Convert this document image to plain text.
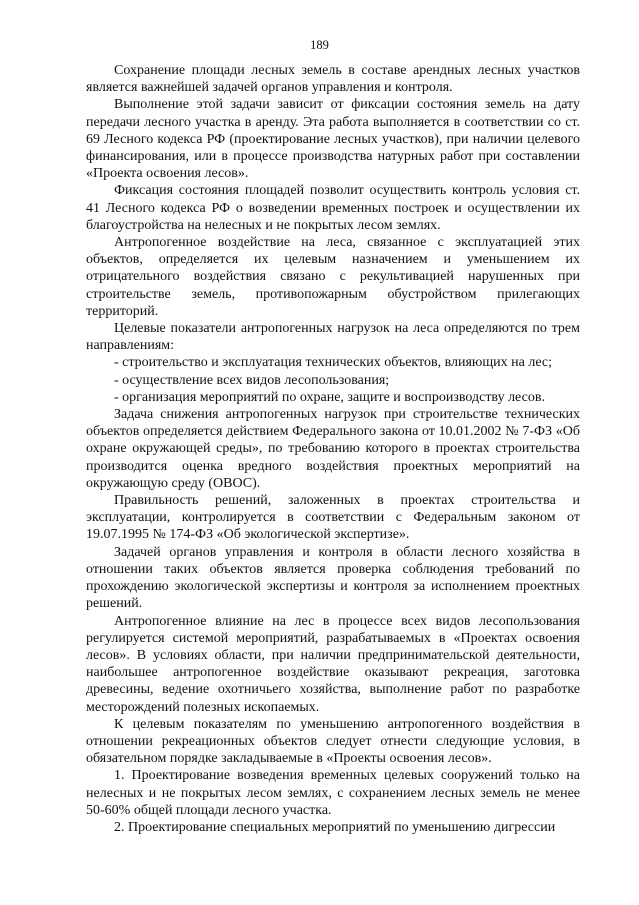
189

Сохранение площади лесных земель в составе арендных лесных участков является важнейшей задачей органов управления и контроля.

Выполнение этой задачи зависит от фиксации состояния земель на дату передачи лесного участка в аренду. Эта работа выполняется в соответствии со ст. 69 Лесного кодекса РФ (проектирование лесных участков), при наличии целевого финансирования, или в процессе производства натурных работ при составлении «Проекта освоения лесов».

Фиксация состояния площадей позволит осуществить контроль условия ст. 41 Лесного кодекса РФ о возведении временных построек и осуществлении их благоустройства на нелесных и не покрытых лесом землях.

Антропогенное воздействие на леса, связанное с эксплуатацией этих объектов, определяется их целевым назначением и уменьшением их отрицательного воздействия связано с рекультивацией нарушенных при строительстве земель, противопожарным обустройством прилегающих территорий.

Целевые показатели антропогенных нагрузок на леса определяются по трем направлениям:

- строительство и эксплуатация технических объектов, влияющих на лес;

- осуществление всех видов лесопользования;

- организация мероприятий по охране, защите и воспроизводству лесов.

Задача снижения антропогенных нагрузок при строительстве технических объектов определяется действием Федерального закона от 10.01.2002 № 7-ФЗ «Об охране окружающей среды», по требованию которого в проектах строительства производится оценка вредного воздействия проектных мероприятий на окружающую среду (ОВОС).

Правильность решений, заложенных в проектах строительства и эксплуатации, контролируется в соответствии с Федеральным законом от 19.07.1995 № 174-ФЗ «Об экологической экспертизе».

Задачей органов управления и контроля в области лесного хозяйства в отношении таких объектов является проверка соблюдения требований по прохождению экологической экспертизы и контроля за исполнением проектных решений.

Антропогенное влияние на лес в процессе всех видов лесопользования регулируется системой мероприятий, разрабатываемых в «Проектах освоения лесов». В условиях области, при наличии предпринимательской деятельности, наибольшее антропогенное воздействие оказывают рекреация, заготовка древесины, ведение охотничьего хозяйства, выполнение работ по разработке месторождений полезных ископаемых.

К целевым показателям по уменьшению антропогенного воздействия в отношении рекреационных объектов следует отнести следующие условия, в обязательном порядке закладываемые в «Проекты освоения лесов».

1. Проектирование возведения временных целевых сооружений только на нелесных и не покрытых лесом землях, с сохранением лесных земель не менее 50-60% общей площади лесного участка.

2. Проектирование специальных мероприятий по уменьшению дигрессии
